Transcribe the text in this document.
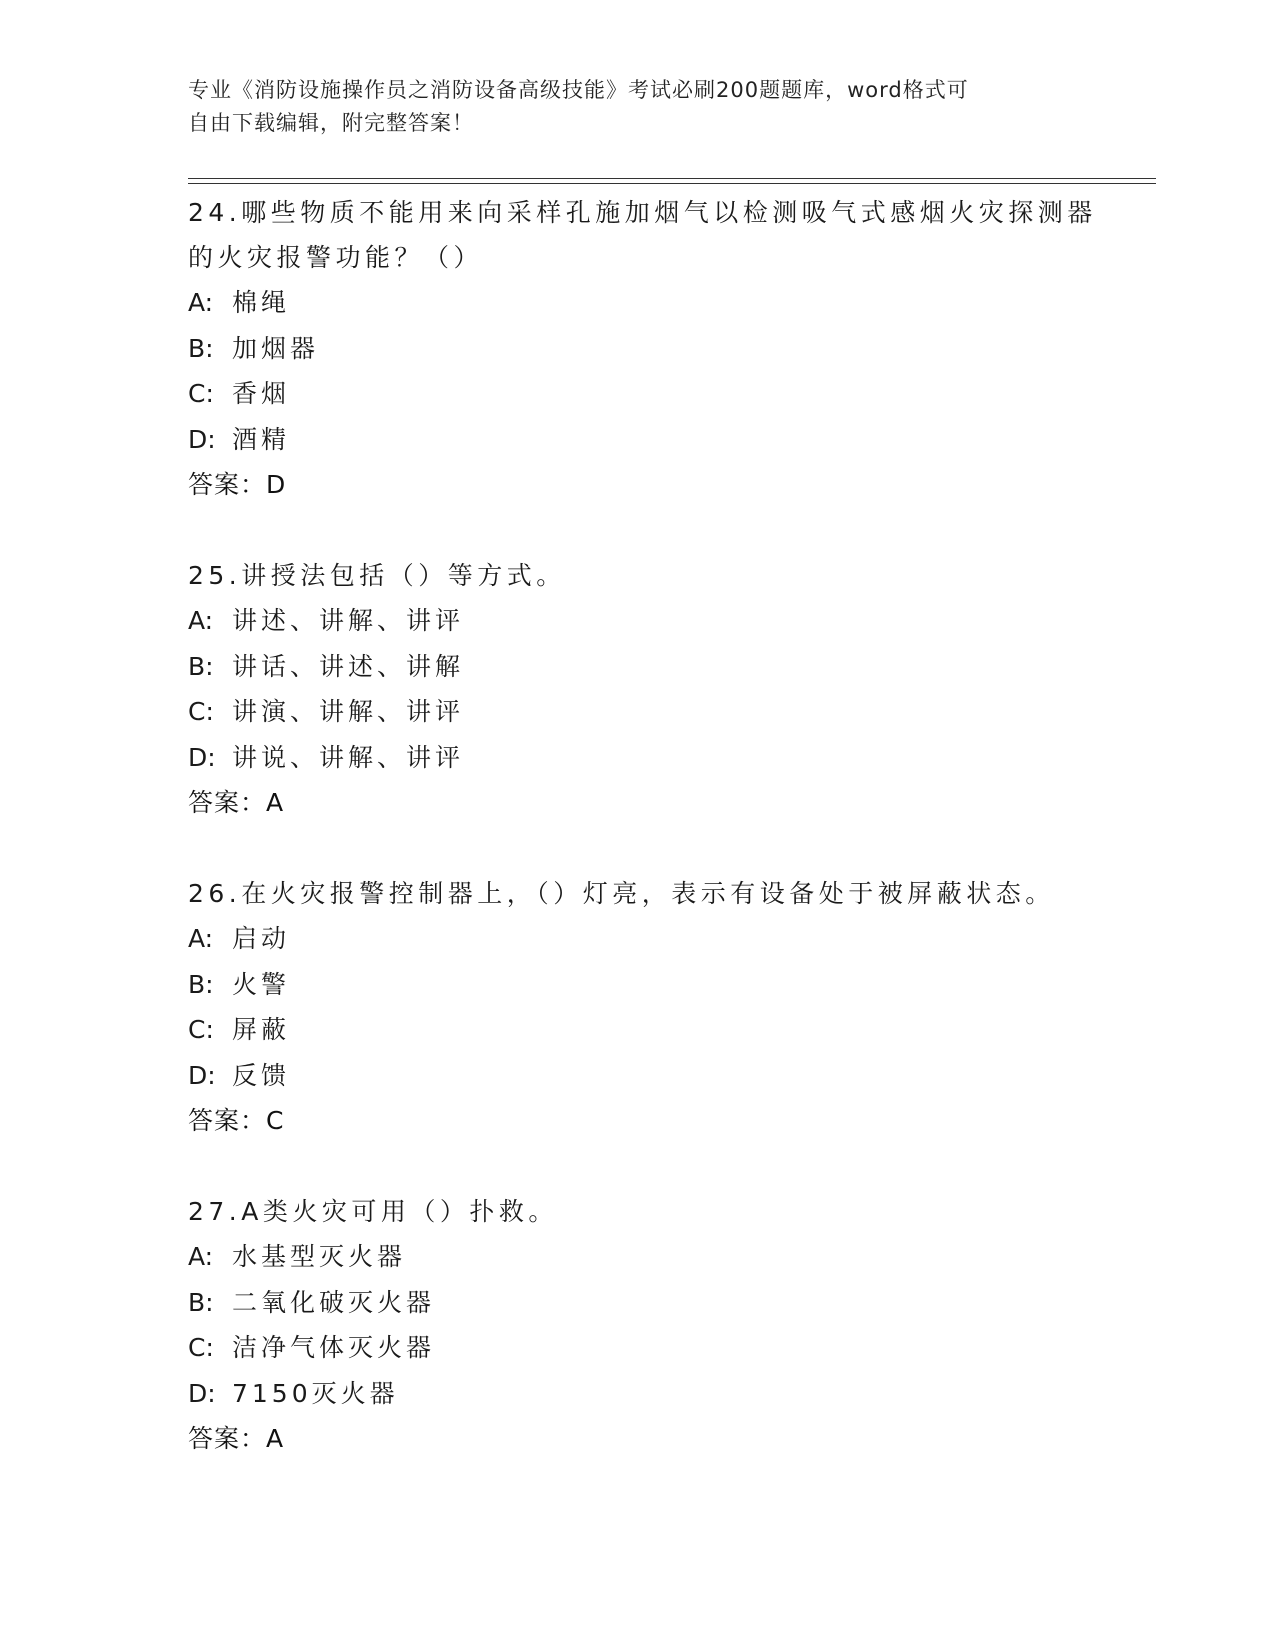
专业《消防设施操作员之消防设备高级技能》考试必刷200题题库，word格式可
自由下载编辑，附完整答案！

24.哪些物质不能用来向采样孔施加烟气以检测吸气式感烟火灾探测器

的火灾报警功能？（）

A: 棉绳
B: 加烟器
C: 香烟
D: 酒精
答案：D

25.讲授法包括（）等方式。

A: 讲述、讲解、讲评
B: 讲话、讲述、讲解
C: 讲演、讲解、讲评
D: 讲说、讲解、讲评
答案：A

26.在火灾报警控制器上，（）灯亮，表示有设备处于被屏蔽状态。

A: 启动
B: 火警
C: 屏蔽
D: 反馈
答案：C

27.A类火灾可用（）扑救。

A: 水基型灭火器
B: 二氧化破灭火器
C: 洁净气体灭火器
D: 7150灭火器
答案：A
